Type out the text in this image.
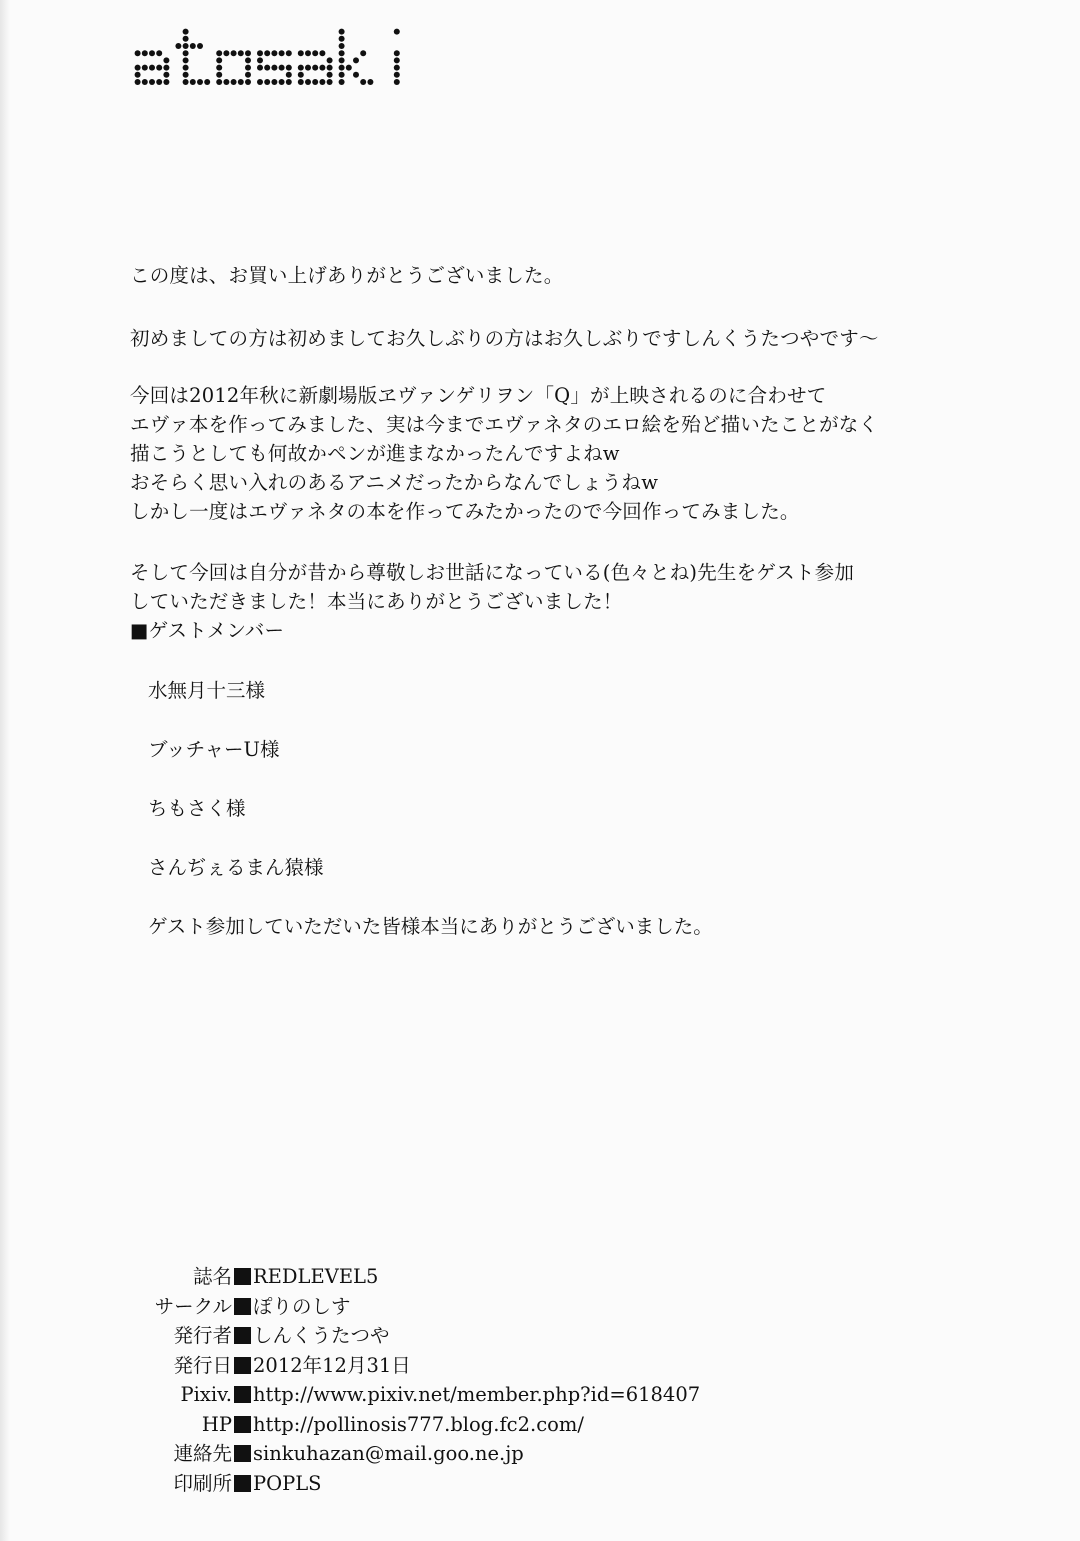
この度は、お買い上げありがとうございました。

初めましての方は初めましてお久しぶりの方はお久しぶりですしんくうたつやです～

今回は2012年秋に新劇場版ヱヴァンゲリヲン「Q」が上映されるのに合わせて

エヴァ本を作ってみました、実は今までエヴァネタのエロ絵を殆ど描いたことがなく

描こうとしても何故かペンが進まなかったんですよねw

おそらく思い入れのあるアニメだったからなんでしょうねw

しかし一度はエヴァネタの本を作ってみたかったので今回作ってみました。

そして今回は自分が昔から尊敬しお世話になっている(色々とね)先生をゲスト参加

していただきました！本当にありがとうございました！

■ゲストメンバー

水無月十三様
ブッチャーU様
ちもさく様
さんぢぇるまん猿様
ゲスト参加していただいた皆様本当にありがとうございました。
誌名 REDLEVEL5
サークル ぽりのしす
発行者 しんくうたつや
発行日 2012年12月31日
Pixiv. http://www.pixiv.net/member.php?id=618407
HP http://pollinosis777.blog.fc2.com/
連絡先 sinkuhazan@mail.goo.ne.jp
印刷所 POPLS
